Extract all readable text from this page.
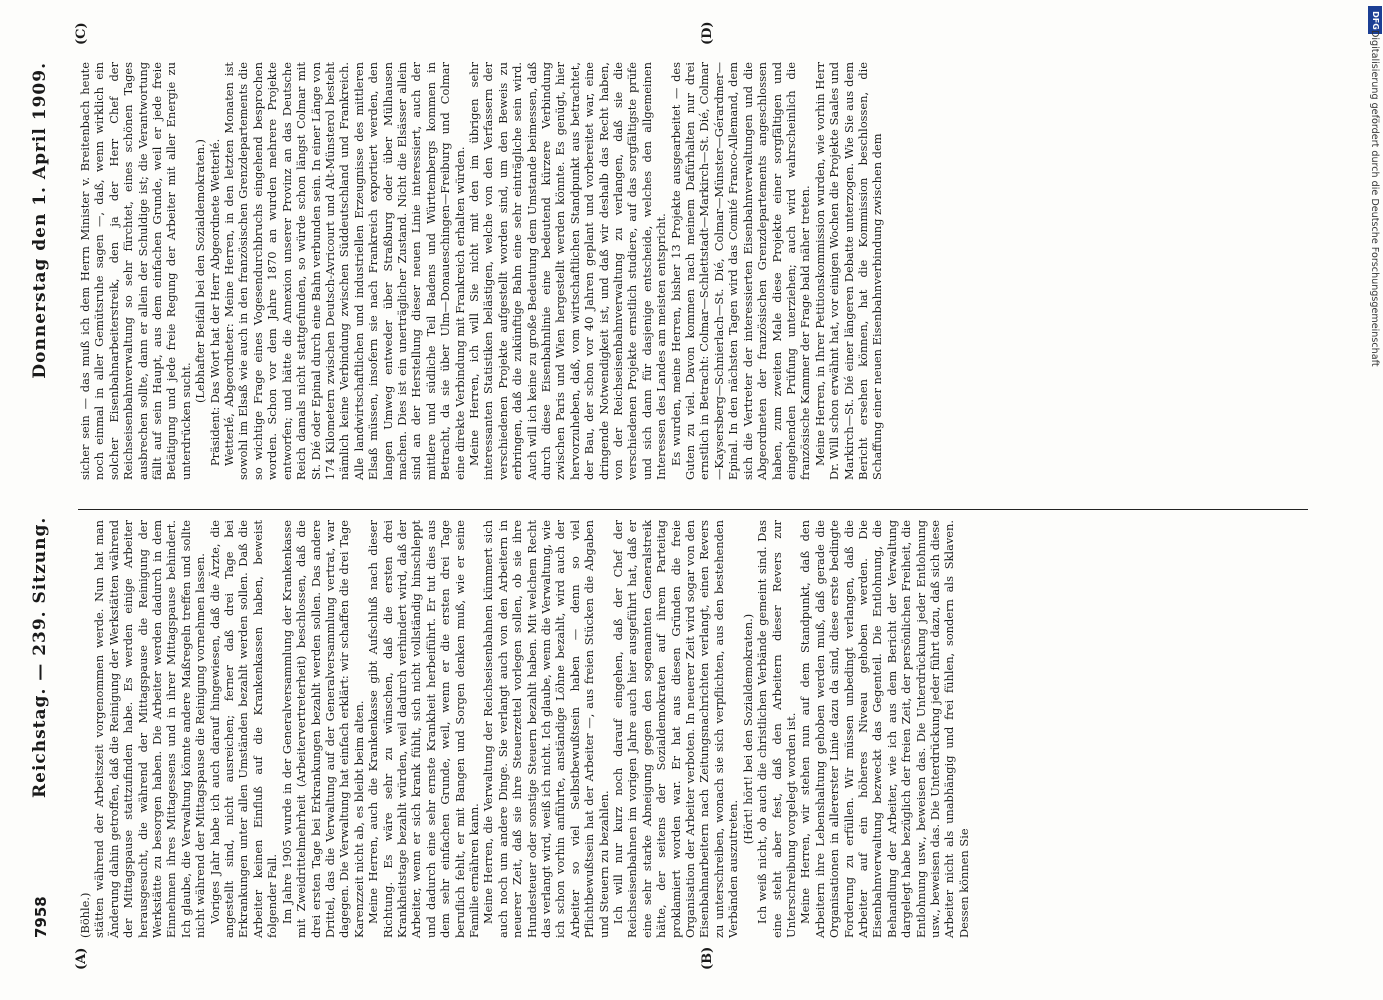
7958
Reichstag. — 239. Sitzung.
Donnerstag den 1. April 1909.
(A)	(B)
(C)	(D)

(Böhle.) stätten während der Arbeitszeit vorgenommen werde. Nun hat man Änderung dahin getroffen, daß die Reinigung der Werkstätten während der Mittagspause stattzufinden habe. Es werden einige Arbeiter herausgesucht, die während der Mittagspause die Reinigung der Werkstätte zu besorgen haben. Die Arbeiter werden dadurch in dem Einnehmen ihres Mittagessens und in ihrer Mittagspause behindert. Ich glaube, die Verwaltung könnte andere Maßregeln treffen und sollte nicht während der Mittagspause die Reinigung vornehmen lassen. Voriges Jahr habe ich auch darauf hingewiesen, daß die Ärzte, die angestellt sind, nicht ausreichen; ferner daß drei Tage bei Erkrankungen unter allen Umständen bezahlt werden sollen. Daß die Arbeiter keinen Einfluß auf die Krankenkassen haben, beweist folgender Fall. Im Jahre 1905 wurde in der Generalversammlung der Krankenkasse mit Zweidrittelmehrheit (Arbeitervertreterheit) beschlossen, daß die drei ersten Tage bei Erkrankungen bezahlt werden sollen. Das andere Drittel, das die Verwaltung auf der Generalversammlung vertrat, war dagegen. Die Verwaltung hat einfach erklärt: wir schaffen die drei Tage Karenzzeit nicht ab, es bleibt beim alten. Meine Herren, auch die Krankenkasse gibt Aufschluß nach dieser Richtung. Es wäre sehr zu wünschen, daß die ersten drei Krankheitstage bezahlt würden, weil dadurch verhindert wird, daß der Arbeiter, wenn er sich krank fühlt, sich nicht vollständig hinschleppt und dadurch eine sehr ernste Krankheit herbeiführt. Er tut dies aus dem sehr einfachen Grunde, weil, wenn er die ersten drei Tage beruflich fehlt, er mit Bangen und Sorgen denken muß, wie er seine Familie ernähren kann. Meine Herren, die Verwaltung der Reichseisenbahnen kümmert sich auch noch um andere Dinge. Sie verlangt auch von den Arbeitern in neuerer Zeit, daß sie ihre Steuerzettel vorlegen sollen, ob sie ihre Hundesteuer oder sonstige Steuern bezahlt haben. Mit welchem Recht das verlangt wird, weiß ich nicht. Ich glaube, wenn die Verwaltung, wie ich schon vorhin anführte, anständige Löhne bezahlt, wird auch der Arbeiter so viel Selbstbewußtsein haben — denn so viel Pflichtbewußtsein hat der Arbeiter —, aus freien Stücken die Abgaben und Steuern zu bezahlen. Ich will nur kurz noch darauf eingehen, daß der Chef der Reichseisenbahnen im vorigen Jahre auch hier ausgeführt hat, daß er eine sehr starke Abneigung gegen den sogenannten Generalstreik hätte, der seitens der Sozialdemokraten auf ihrem Parteitag proklamiert worden war. Er hat aus diesen Gründen die freie Organisation der Arbeiter verboten. In neuerer Zeit wird sogar von den Eisenbahnarbeitern nach Zeitungsnachrichten verlangt, einen Revers zu unterschreiben, wonach sie sich verpflichten, aus den bestehenden Verbänden auszutreten.

(Hört! hört! bei den Sozialdemokraten.) Ich weiß nicht, ob auch die christlichen Verbände gemeint sind. Das eine steht aber fest, daß den Arbeitern dieser Revers zur Unterschreibung vorgelegt worden ist. Meine Herren, wir stehen nun auf dem Standpunkt, daß den Arbeitern ihre Lebenshaltung gehoben werden muß, daß gerade die Organisationen in allererster Linie dazu da sind, diese erste bedingte Forderung zu erfüllen. Wir müssen unbedingt verlangen, daß die Arbeiter auf ein höheres Niveau gehoben werden. Die Eisenbahnverwaltung bezweckt das Gegenteil. Die Entlohnung, die Behandlung der Arbeiter, wie ich aus dem Bericht der Verwaltung dargelegt habe bezüglich der freien Zeit, der persönlichen Freiheit, die Entlohnung usw., beweisen das. Die Unterdrückung jeder Entlohnung usw., beweisen das. Die Unterdrückung jeder führt dazu, daß sich diese Arbeiter nicht als unabhängig und frei fühlen, sondern als Sklaven. Dessen können Sie

sicher sein — das muß ich dem Herrn Minister v. Breitenbach heute noch einmal in aller Gemütsruhe sagen —, daß, wenn wirklich ein solcher Eisenbahnarbeiterstreik, den ja der Herr Chef der Reichseisenbahnverwaltung so sehr fürchtet, eines schönen Tages ausbrechen sollte, dann er allein der Schuldige ist; die Verantwortung fällt auf sein Haupt, aus dem einfachen Grunde, weil er jede freie Betätigung und jede freie Regung der Arbeiter mit aller Energie zu unterdrücken sucht.

(Lebhafter Beifall bei den Sozialdemokraten.) Präsident: Das Wort hat der Herr Abgeordnete Wetterlé. Wetterlé, Abgeordneter: Meine Herren, in den letzten Monaten ist sowohl im Elsaß wie auch in den französischen Grenzdepartements die so wichtige Frage eines Vogesendurchbruchs eingehend besprochen worden. Schon vor dem Jahre 1870 an wurden mehrere Projekte entworfen; und hätte die Annexion unserer Provinz an das Deutsche Reich damals nicht stattgefunden, so würde schon längst Colmar mit St. Dié oder Epinal durch eine Bahn verbunden sein. In einer Länge von 174 Kilometern zwischen Deutsch-Avricourt und Alt-Münsterol besteht nämlich keine Verbindung zwischen Süddeutschland und Frankreich. Alle landwirtschaftlichen und industriellen Erzeugnisse des mittleren Elsaß müssen, insofern sie nach Frankreich exportiert werden, den langen Umweg entweder über Straßburg oder über Mülhausen machen. Dies ist ein unerträglicher Zustand. Nicht die Elsässer allein sind an der Herstellung dieser neuen Linie interessiert, auch der mittlere und südliche Teil Badens und Württembergs kommen in Betracht, da sie über Ulm—Donaueschingen—Freiburg und Colmar eine direkte Verbindung mit Frankreich erhalten würden. Meine Herren, ich will Sie nicht mit den im übrigen sehr interessanten Statistiken belästigen, welche von den Verfassern der verschiedenen Projekte aufgestellt worden sind, um den Beweis zu erbringen, daß die zukünftige Bahn eine sehr einträgliche sein wird. Auch will ich keine zu große Bedeutung dem Umstande beimessen, daß durch diese Eisenbahnlinie eine bedeutend kürzere Verbindung zwischen Paris und Wien hergestellt werden könnte. Es genügt, hier hervorzuheben, daß, vom wirtschaftlichen Standpunkt aus betrachtet, der Bau, der schon vor 40 Jahren geplant und vorbereitet war, eine dringende Notwendigkeit ist, und daß wir deshalb das Recht haben, von der Reichseisenbahnverwaltung zu verlangen, daß sie die verschiedenen Projekte ernstlich studiere, auf das sorgfältigste prüfe und sich dann für dasjenige entscheide, welches den allgemeinen Interessen des Landes am meisten entspricht. Es wurden, meine Herren, bisher 13 Projekte ausgearbeitet — des Guten zu viel. Davon kommen nach meinem Dafürhalten nur drei ernstlich in Betracht: Colmar—Schlettstadt—Markirch—St. Dié, Colmar—Kaysersberg—Schnierlach—St. Dié, Colmar—Münster—Gérardmer—Epinal. In den nächsten Tagen wird das Comité Franco-Allemand, dem sich die Vertreter der interessierten Eisenbahnverwaltungen und die Abgeordneten der französischen Grenzdepartements angeschlossen haben, zum zweiten Male diese Projekte einer sorgfältigen und eingehenden Prüfung unterziehen; auch wird wahrscheinlich die französische Kammer der Frage bald näher treten. Meine Herren, in Ihrer Petitionskommission wurden, wie vorhin Herr Dr. Will schon erwähnt hat, vor einigen Wochen die Projekte Saales und Markirch—St. Dié einer längeren Debatte unterzogen. Wie Sie aus dem Bericht ersehen können, hat die Kommission beschlossen, die Schaffung einer neuen Eisenbahnverbindung zwischen dem

DFG
Digitalisierung gefördert durch die Deutsche Forschungsgemeinschaft
